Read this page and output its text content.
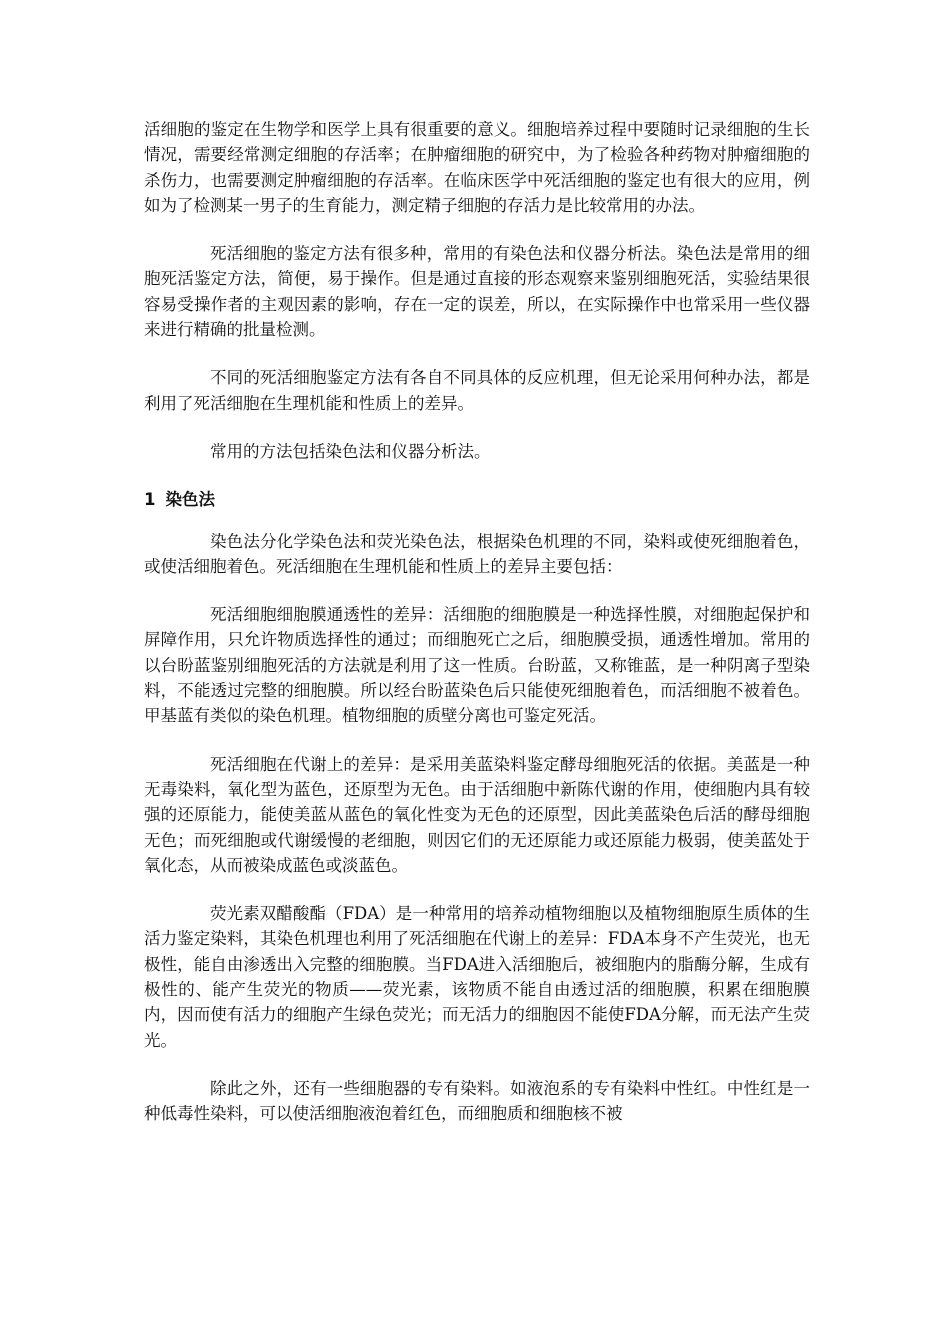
活细胞的鉴定在生物学和医学上具有很重要的意义。细胞培养过程中要随时记录细胞的生长情况，需要经常测定细胞的存活率；在肿瘤细胞的研究中，为了检验各种药物对肿瘤细胞的杀伤力，也需要测定肿瘤细胞的存活率。在临床医学中死活细胞的鉴定也有很大的应用，例如为了检测某一男子的生育能力，测定精子细胞的存活力是比较常用的办法。

死活细胞的鉴定方法有很多种，常用的有染色法和仪器分析法。染色法是常用的细胞死活鉴定方法，简便，易于操作。但是通过直接的形态观察来鉴别细胞死活，实验结果很容易受操作者的主观因素的影响，存在一定的误差，所以，在实际操作中也常采用一些仪器来进行精确的批量检测。

不同的死活细胞鉴定方法有各自不同具体的反应机理，但无论采用何种办法，都是利用了死活细胞在生理机能和性质上的差异。

常用的方法包括染色法和仪器分析法。

1 染色法

染色法分化学染色法和荧光染色法，根据染色机理的不同，染料或使死细胞着色，或使活细胞着色。死活细胞在生理机能和性质上的差异主要包括：

死活细胞细胞膜通透性的差异：活细胞的细胞膜是一种选择性膜，对细胞起保护和屏障作用，只允许物质选择性的通过；而细胞死亡之后，细胞膜受损，通透性增加。常用的以台盼蓝鉴别细胞死活的方法就是利用了这一性质。台盼蓝，又称锥蓝，是一种阴离子型染料，不能透过完整的细胞膜。所以经台盼蓝染色后只能使死细胞着色，而活细胞不被着色。甲基蓝有类似的染色机理。植物细胞的质壁分离也可鉴定死活。

死活细胞在代谢上的差异：是采用美蓝染料鉴定酵母细胞死活的依据。美蓝是一种无毒染料，氧化型为蓝色，还原型为无色。由于活细胞中新陈代谢的作用，使细胞内具有较强的还原能力，能使美蓝从蓝色的氧化性变为无色的还原型，因此美蓝染色后活的酵母细胞无色；而死细胞或代谢缓慢的老细胞，则因它们的无还原能力或还原能力极弱，使美蓝处于氧化态，从而被染成蓝色或淡蓝色。

荧光素双醋酸酯（FDA）是一种常用的培养动植物细胞以及植物细胞原生质体的生活力鉴定染料，其染色机理也利用了死活细胞在代谢上的差异：FDA本身不产生荧光，也无极性，能自由渗透出入完整的细胞膜。当FDA进入活细胞后，被细胞内的脂酶分解，生成有极性的、能产生荧光的物质——荧光素，该物质不能自由透过活的细胞膜，积累在细胞膜内，因而使有活力的细胞产生绿色荧光；而无活力的细胞因不能使FDA分解，而无法产生荧光。

除此之外，还有一些细胞器的专有染料。如液泡系的专有染料中性红。中性红是一种低毒性染料，可以使活细胞液泡着红色，而细胞质和细胞核不被
